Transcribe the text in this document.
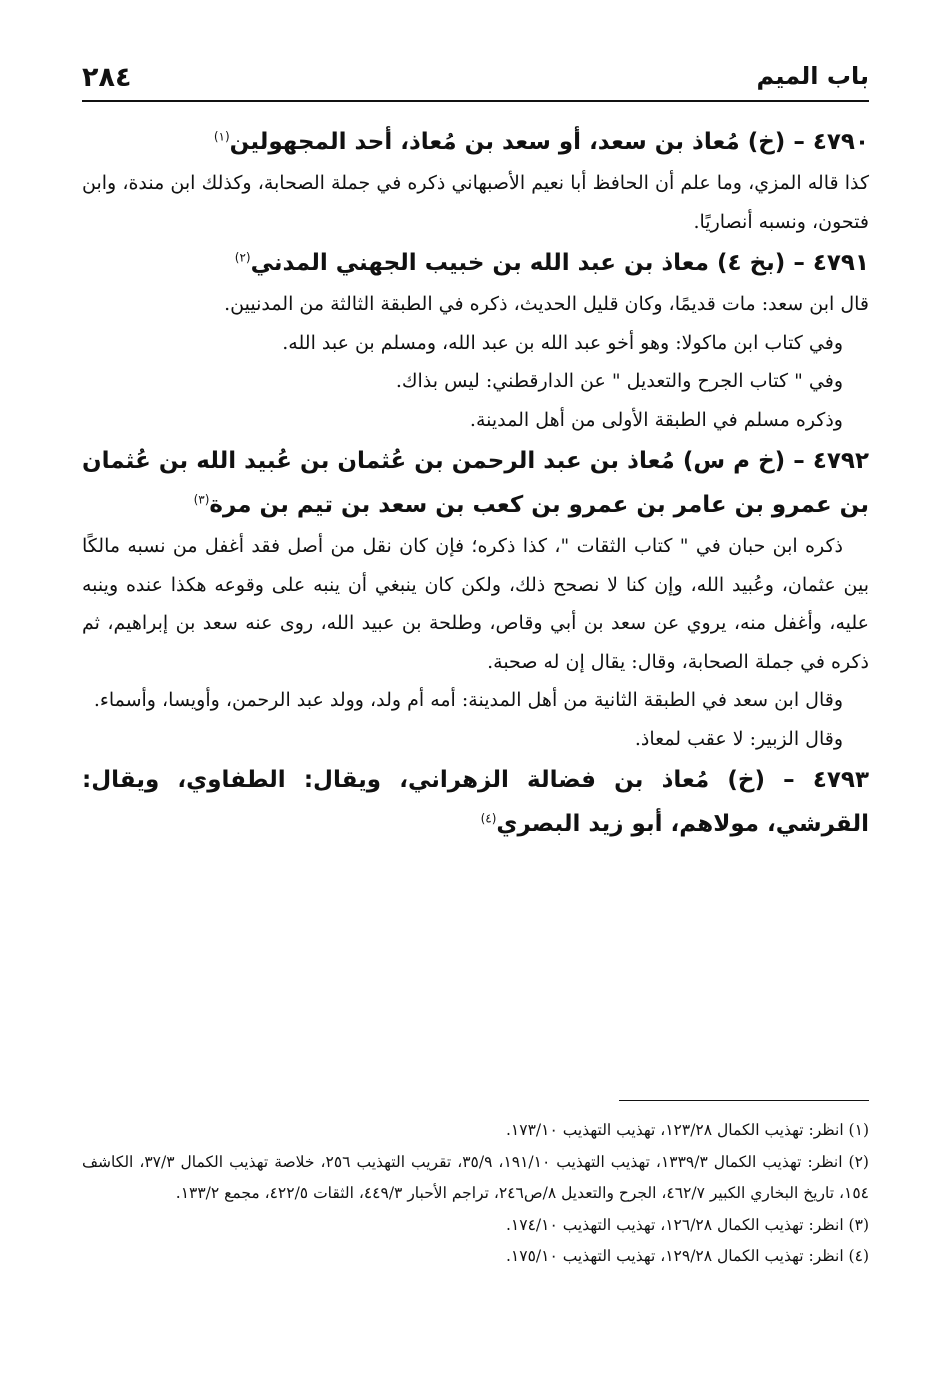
٢٨٤	باب الميم
٤٧٩٠ – (خ) مُعاذ بن سعد، أو سعد بن مُعاذ، أحد المجهولين$^{(١)}$

كذا قاله المزي، وما علم أن الحافظ أبا نعيم الأصبهاني ذكره في جملة الصحابة، وكذلك ابن مندة، وابن فتحون، ونسبه أنصاريًا.

٤٧٩١ – (بخ ٤) معاذ بن عبد الله بن خبيب الجهني المدني$^{(٢)}$

قال ابن سعد: مات قديمًا، وكان قليل الحديث، ذكره في الطبقة الثالثة من المدنيين.

وفي كتاب ابن ماكولا: وهو أخو عبد الله بن عبد الله، ومسلم بن عبد الله.

وفي " كتاب الجرح والتعديل " عن الدارقطني: ليس بذاك.

وذكره مسلم في الطبقة الأولى من أهل المدينة.

٤٧٩٢ – (خ م س) مُعاذ بن عبد الرحمن بن عُثمان بن عُبيد الله بن عُثمان بن عمرو بن عامر بن عمرو بن كعب بن سعد بن تيم بن مرة$^{(٣)}$

ذكره ابن حبان في " كتاب الثقات "، كذا ذكره؛ فإن كان نقل من أصل فقد أغفل من نسبه مالكًا بين عثمان، وعُبيد الله، وإن كنا لا نصحح ذلك، ولكن كان ينبغي أن ينبه على وقوعه هكذا عنده وينبه عليه، وأغفل منه، يروي عن سعد بن أبي وقاص، وطلحة بن عبيد الله، روى عنه سعد بن إبراهيم، ثم ذكره في جملة الصحابة، وقال: يقال إن له صحبة.

وقال ابن سعد في الطبقة الثانية من أهل المدينة: أمه أم ولد، وولد عبد الرحمن، وأويسا، وأسماء.

وقال الزبير: لا عقب لمعاذ.

٤٧٩٣ – (خ) مُعاذ بن فضالة الزهراني، ويقال: الطفاوي، ويقال: القرشي، مولاهم، أبو زيد البصري$^{(٤)}$

(١) انظر: تهذيب الكمال ١٢٣/٢٨، تهذيب التهذيب ١٧٣/١٠.

(٢) انظر: تهذيب الكمال ١٣٣٩/٣، تهذيب التهذيب ١٩١/١٠، ٣٥/٩، تقريب التهذيب ٢٥٦، خلاصة تهذيب الكمال ٣٧/٣، الكاشف ١٥٤، تاريخ البخاري الكبير ٤٦٢/٧، الجرح والتعديل ٨/ص٢٤٦، تراجم الأحبار ٤٤٩/٣، الثقات ٤٢٢/٥، مجمع ١٣٣/٢.

(٣) انظر: تهذيب الكمال ١٢٦/٢٨، تهذيب التهذيب ١٧٤/١٠.

(٤) انظر: تهذيب الكمال ١٢٩/٢٨، تهذيب التهذيب ١٧٥/١٠.
